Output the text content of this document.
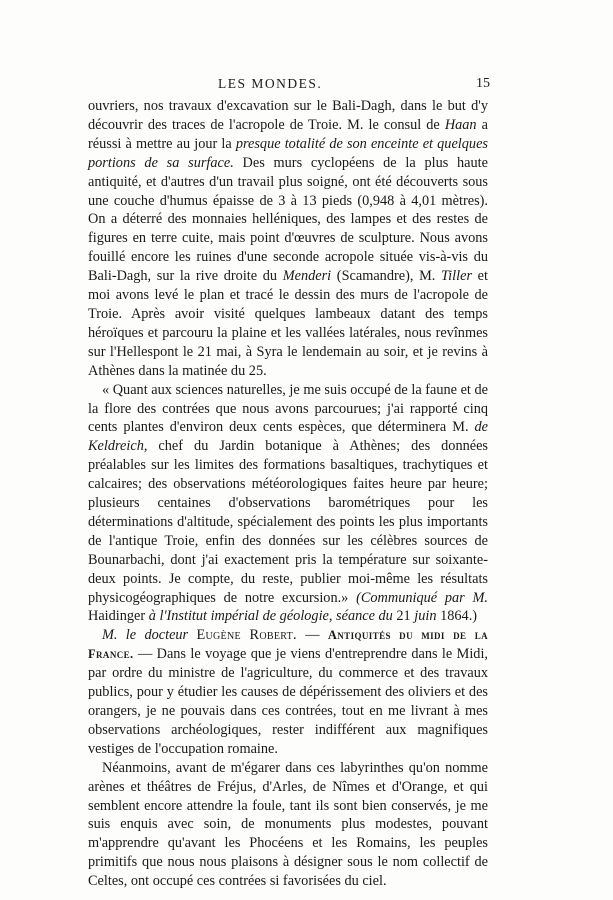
LES MONDES.	15

ouvriers, nos travaux d'excavation sur le Bali-Dagh, dans le but d'y découvrir des traces de l'acropole de Troie. M. le consul de Haan a réussi à mettre au jour la presque totalité de son enceinte et quelques portions de sa surface. Des murs cyclopéens de la plus haute antiquité, et d'autres d'un travail plus soigné, ont été découverts sous une couche d'humus épaisse de 3 à 13 pieds (0,948 à 4,01 mètres). On a déterré des monnaies helléniques, des lampes et des restes de figures en terre cuite, mais point d'œuvres de sculpture. Nous avons fouillé encore les ruines d'une seconde acropole située vis-à-vis du Bali-Dagh, sur la rive droite du Menderi (Scamandre), M. Tiller et moi avons levé le plan et tracé le dessin des murs de l'acropole de Troie. Après avoir visité quelques lambeaux datant des temps héroïques et parcouru la plaine et les vallées latérales, nous revînmes sur l'Hellespont le 21 mai, à Syra le lendemain au soir, et je revins à Athènes dans la matinée du 25.

« Quant aux sciences naturelles, je me suis occupé de la faune et de la flore des contrées que nous avons parcourues; j'ai rapporté cinq cents plantes d'environ deux cents espèces, que déterminera M. de Keldreich, chef du Jardin botanique à Athènes; des données préalables sur les limites des formations basaltiques, trachytiques et calcaires; des observations météorologiques faites heure par heure; plusieurs centaines d'observations barométriques pour les déterminations d'altitude, spécialement des points les plus importants de l'antique Troie, enfin des données sur les célèbres sources de Bounarbachi, dont j'ai exactement pris la température sur soixante-deux points. Je compte, du reste, publier moi-même les résultats physicogéographiques de notre excursion.» (Communiqué par M. Haidinger à l'Institut impérial de géologie, séance du 21 juin 1864.)

M. le docteur Eugène Robert. — Antiquités du midi de la France. — Dans le voyage que je viens d'entreprendre dans le Midi, par ordre du ministre de l'agriculture, du commerce et des travaux publics, pour y étudier les causes de dépérissement des oliviers et des orangers, je ne pouvais dans ces contrées, tout en me livrant à mes observations archéologiques, rester indifférent aux magnifiques vestiges de l'occupation romaine.

Néanmoins, avant de m'égarer dans ces labyrinthes qu'on nomme arènes et théâtres de Fréjus, d'Arles, de Nîmes et d'Orange, et qui semblent encore attendre la foule, tant ils sont bien conservés, je me suis enquis avec soin, de monuments plus modestes, pouvant m'apprendre qu'avant les Phocéens et les Romains, les peuples primitifs que nous nous plaisons à désigner sous le nom collectif de Celtes, ont occupé ces contrées si favorisées du ciel.
